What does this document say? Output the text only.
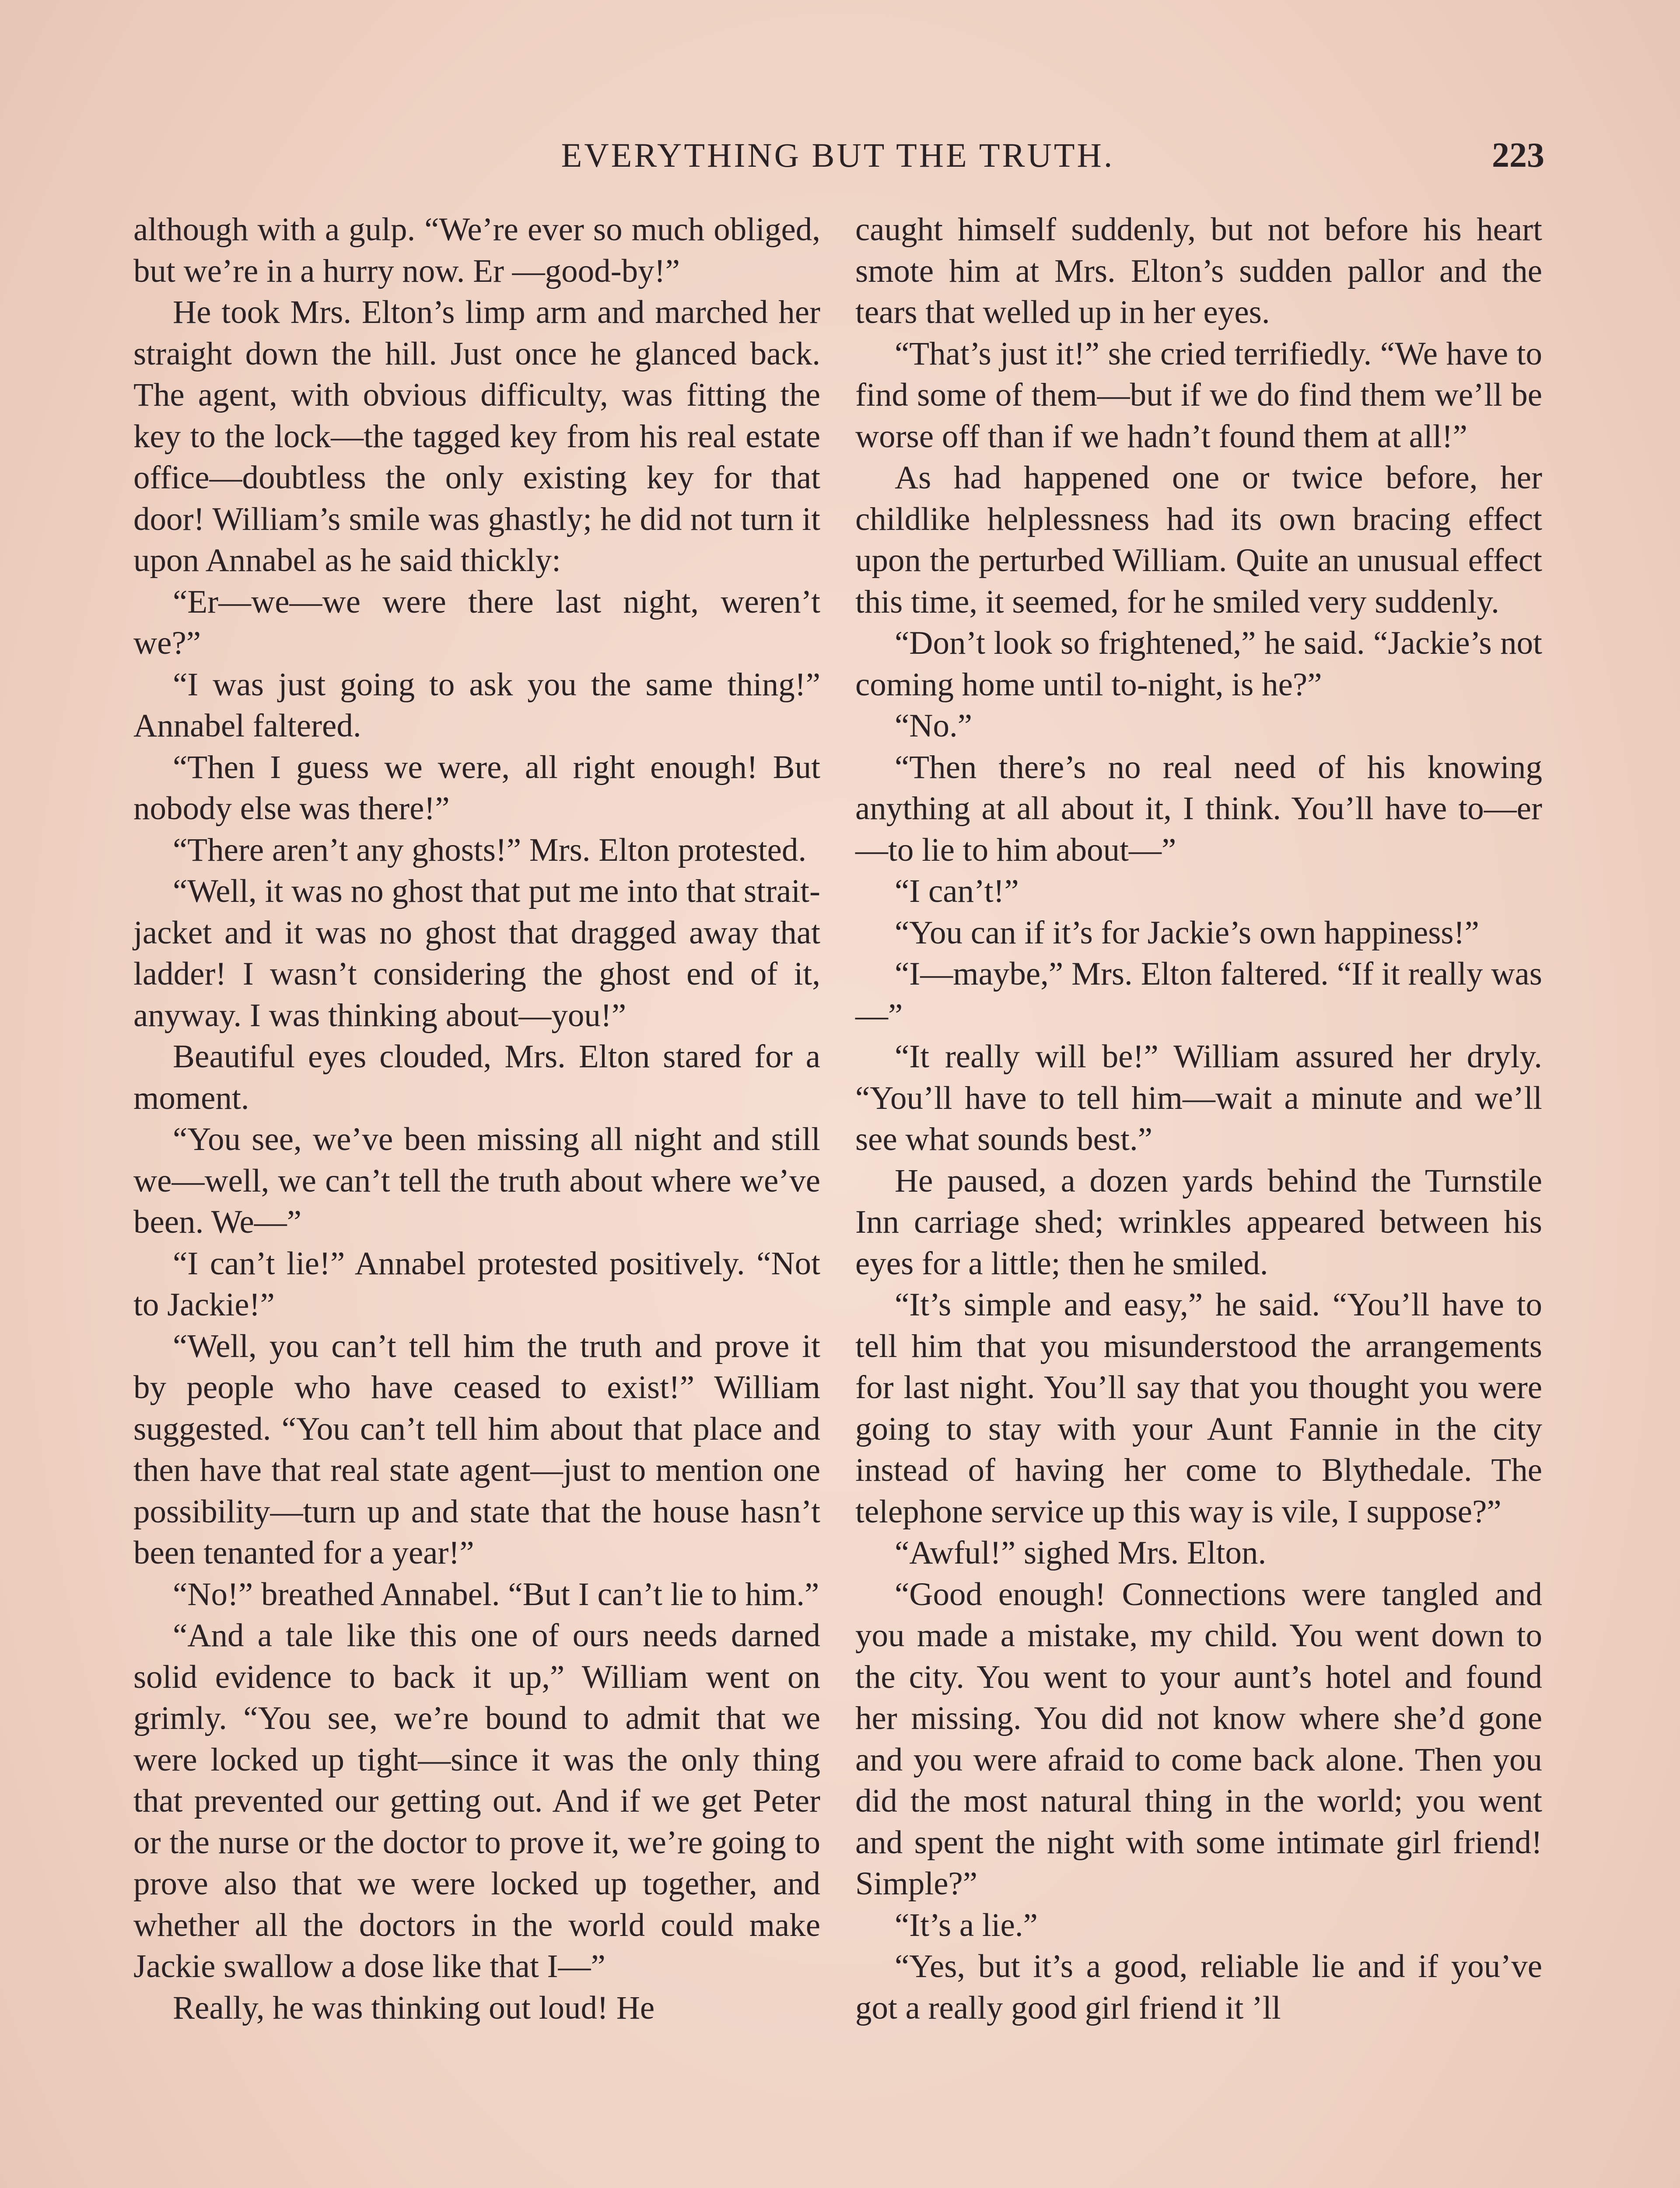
EVERYTHING BUT THE TRUTH.	223

although with a gulp. “We’re ever so much obliged, but we’re in a hurry now. Er —good-by!”

He took Mrs. Elton’s limp arm and marched her straight down the hill. Just once he glanced back. The agent, with obvious difficulty, was fitting the key to the lock—the tagged key from his real estate office—doubtless the only existing key for that door! William’s smile was ghastly; he did not turn it upon Annabel as he said thickly:

“Er—we—we were there last night, weren’t we?”

“I was just going to ask you the same thing!” Annabel faltered.

“Then I guess we were, all right enough! But nobody else was there!”

“There aren’t any ghosts!” Mrs. Elton protested.

“Well, it was no ghost that put me into that strait-jacket and it was no ghost that dragged away that ladder! I wasn’t considering the ghost end of it, anyway. I was thinking about—you!”

Beautiful eyes clouded, Mrs. Elton stared for a moment.

“You see, we’ve been missing all night and still we—well, we can’t tell the truth about where we’ve been. We—”

“I can’t lie!” Annabel protested positively. “Not to Jackie!”

“Well, you can’t tell him the truth and prove it by people who have ceased to exist!” William suggested. “You can’t tell him about that place and then have that real state agent—just to mention one possibility—turn up and state that the house hasn’t been tenanted for a year!”

“No!” breathed Annabel. “But I can’t lie to him.”

“And a tale like this one of ours needs darned solid evidence to back it up,” William went on grimly. “You see, we’re bound to admit that we were locked up tight—since it was the only thing that prevented our getting out. And if we get Peter or the nurse or the doctor to prove it, we’re going to prove also that we were locked up together, and whether all the doctors in the world could make Jackie swallow a dose like that I—”

Really, he was thinking out loud! He

caught himself suddenly, but not before his heart smote him at Mrs. Elton’s sudden pallor and the tears that welled up in her eyes.

“That’s just it!” she cried terrifiedly. “We have to find some of them—but if we do find them we’ll be worse off than if we hadn’t found them at all!”

As had happened one or twice before, her childlike helplessness had its own bracing effect upon the perturbed William. Quite an unusual effect this time, it seemed, for he smiled very suddenly.

“Don’t look so frightened,” he said. “Jackie’s not coming home until to-night, is he?”

“No.”

“Then there’s no real need of his knowing anything at all about it, I think. You’ll have to—er—to lie to him about—”

“I can’t!”

“You can if it’s for Jackie’s own happiness!”

“I—maybe,” Mrs. Elton faltered. “If it really was—”

“It really will be!” William assured her dryly. “You’ll have to tell him—wait a minute and we’ll see what sounds best.”

He paused, a dozen yards behind the Turnstile Inn carriage shed; wrinkles appeared between his eyes for a little; then he smiled.

“It’s simple and easy,” he said. “You’ll have to tell him that you misunderstood the arrangements for last night. You’ll say that you thought you were going to stay with your Aunt Fannie in the city instead of having her come to Blythedale. The telephone service up this way is vile, I suppose?”

“Awful!” sighed Mrs. Elton.

“Good enough! Connections were tangled and you made a mistake, my child. You went down to the city. You went to your aunt’s hotel and found her missing. You did not know where she’d gone and you were afraid to come back alone. Then you did the most natural thing in the world; you went and spent the night with some intimate girl friend! Simple?”

“It’s a lie.”

“Yes, but it’s a good, reliable lie and if you’ve got a really good girl friend it ’ll
